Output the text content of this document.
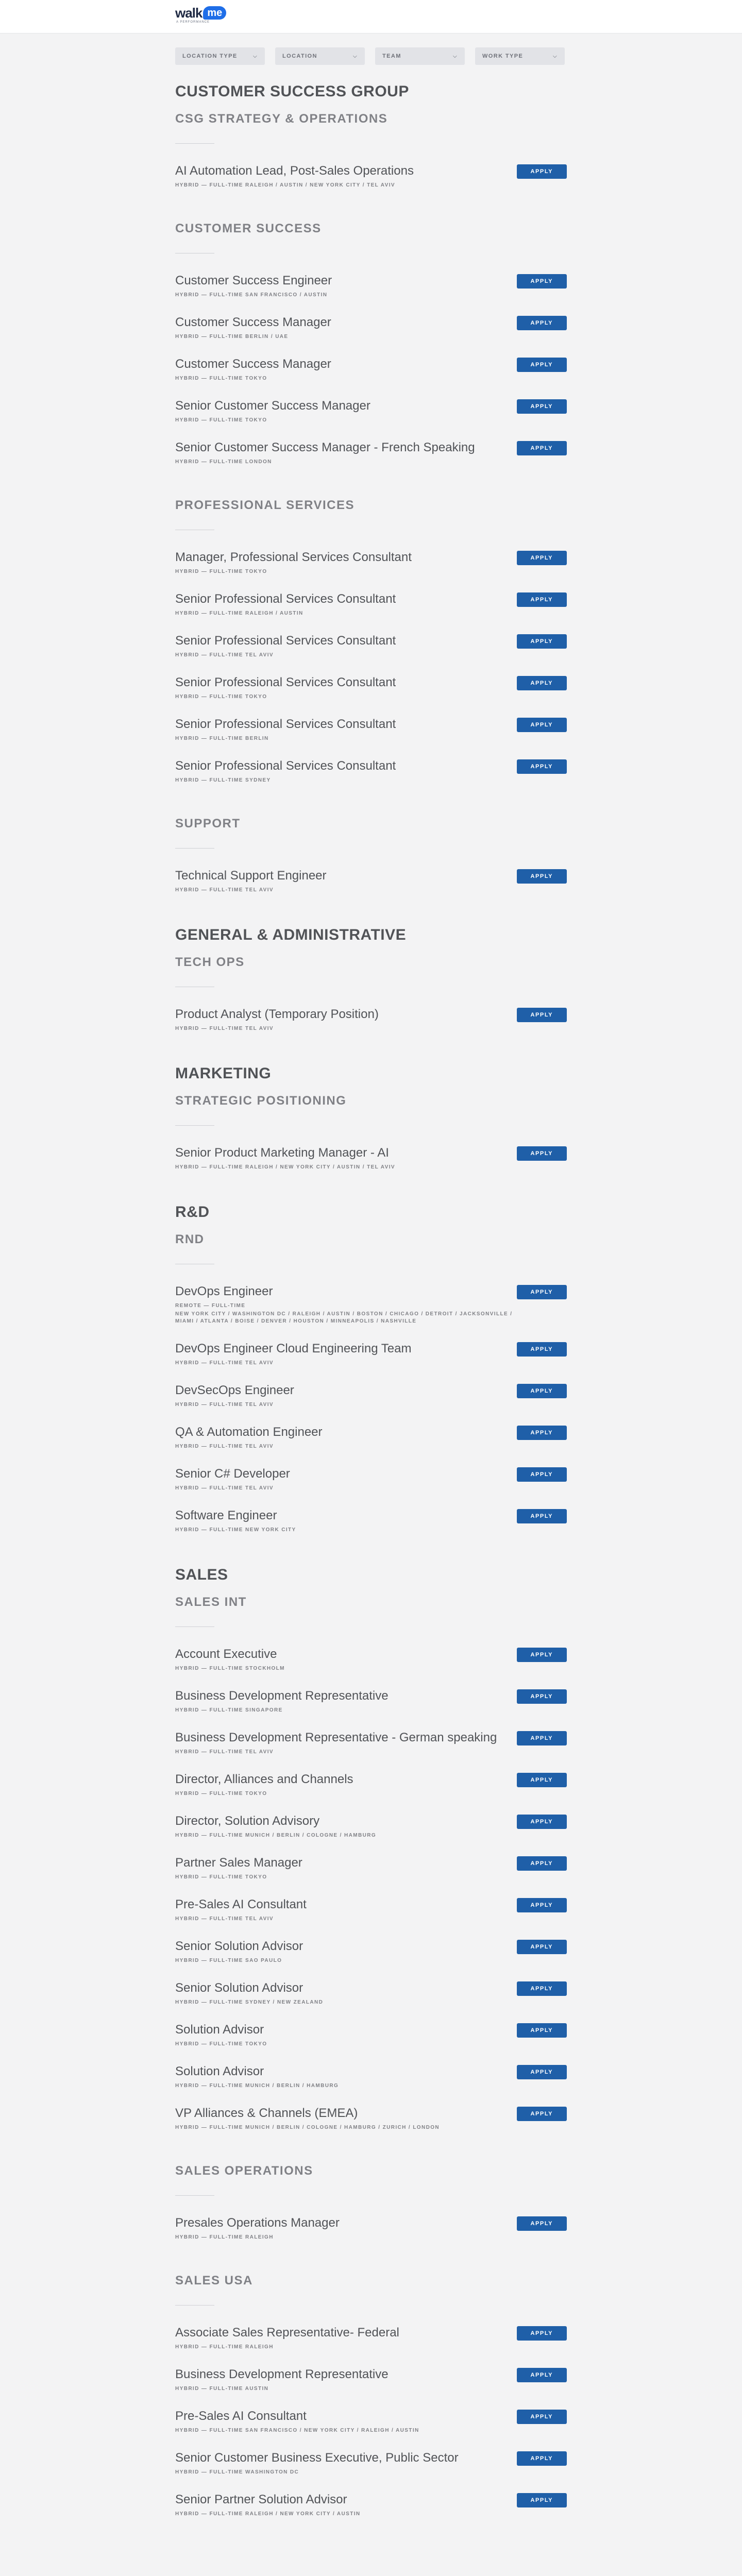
walk me
A PERFORMANCE
LOCATION TYPE	⌵	LOCATION	⌵	TEAM	⌵	WORK TYPE	⌵
CUSTOMER SUCCESS GROUP
CSG STRATEGY & OPERATIONS
AI Automation Lead, Post-Sales Operations
HYBRID — FULL-TIME RALEIGH / AUSTIN / NEW YORK CITY / TEL AVIV
APPLY
CUSTOMER SUCCESS
Customer Success Engineer
HYBRID — FULL-TIME SAN FRANCISCO / AUSTIN
APPLY
Customer Success Manager
HYBRID — FULL-TIME BERLIN / UAE
APPLY
Customer Success Manager
HYBRID — FULL-TIME TOKYO
APPLY
Senior Customer Success Manager
HYBRID — FULL-TIME TOKYO
APPLY
Senior Customer Success Manager - French Speaking
HYBRID — FULL-TIME LONDON
APPLY
PROFESSIONAL SERVICES
Manager, Professional Services Consultant
HYBRID — FULL-TIME TOKYO
APPLY
Senior Professional Services Consultant
HYBRID — FULL-TIME RALEIGH / AUSTIN
APPLY
Senior Professional Services Consultant
HYBRID — FULL-TIME TEL AVIV
APPLY
Senior Professional Services Consultant
HYBRID — FULL-TIME TOKYO
APPLY
Senior Professional Services Consultant
HYBRID — FULL-TIME BERLIN
APPLY
Senior Professional Services Consultant
HYBRID — FULL-TIME SYDNEY
APPLY
SUPPORT
Technical Support Engineer
HYBRID — FULL-TIME TEL AVIV
APPLY
GENERAL & ADMINISTRATIVE
TECH OPS
Product Analyst (Temporary Position)
HYBRID — FULL-TIME TEL AVIV
APPLY
MARKETING
STRATEGIC POSITIONING
Senior Product Marketing Manager - AI
HYBRID — FULL-TIME RALEIGH / NEW YORK CITY / AUSTIN / TEL AVIV
APPLY
R&D
RND
DevOps Engineer
REMOTE — FULL-TIME
NEW YORK CITY / WASHINGTON DC / RALEIGH / AUSTIN / BOSTON / CHICAGO / DETROIT / JACKSONVILLE / MIAMI / ATLANTA / BOISE / DENVER / HOUSTON / MINNEAPOLIS / NASHVILLE
APPLY
DevOps Engineer Cloud Engineering Team
HYBRID — FULL-TIME TEL AVIV
APPLY
DevSecOps Engineer
HYBRID — FULL-TIME TEL AVIV
APPLY
QA & Automation Engineer
HYBRID — FULL-TIME TEL AVIV
APPLY
Senior C# Developer
HYBRID — FULL-TIME TEL AVIV
APPLY
Software Engineer
HYBRID — FULL-TIME NEW YORK CITY
APPLY
SALES
SALES INT
Account Executive
HYBRID — FULL-TIME STOCKHOLM
APPLY
Business Development Representative
HYBRID — FULL-TIME SINGAPORE
APPLY
Business Development Representative - German speaking
HYBRID — FULL-TIME TEL AVIV
APPLY
Director, Alliances and Channels
HYBRID — FULL-TIME TOKYO
APPLY
Director, Solution Advisory
HYBRID — FULL-TIME MUNICH / BERLIN / COLOGNE / HAMBURG
APPLY
Partner Sales Manager
HYBRID — FULL-TIME TOKYO
APPLY
Pre-Sales AI Consultant
HYBRID — FULL-TIME TEL AVIV
APPLY
Senior Solution Advisor
HYBRID — FULL-TIME SAO PAULO
APPLY
Senior Solution Advisor
HYBRID — FULL-TIME SYDNEY / NEW ZEALAND
APPLY
Solution Advisor
HYBRID — FULL-TIME TOKYO
APPLY
Solution Advisor
HYBRID — FULL-TIME MUNICH / BERLIN / HAMBURG
APPLY
VP Alliances & Channels (EMEA)
HYBRID — FULL-TIME MUNICH / BERLIN / COLOGNE / HAMBURG / ZURICH / LONDON
APPLY
SALES OPERATIONS
Presales Operations Manager
HYBRID — FULL-TIME RALEIGH
APPLY
SALES USA
Associate Sales Representative- Federal
HYBRID — FULL-TIME RALEIGH
APPLY
Business Development Representative
HYBRID — FULL-TIME AUSTIN
APPLY
Pre-Sales AI Consultant
HYBRID — FULL-TIME SAN FRANCISCO / NEW YORK CITY / RALEIGH / AUSTIN
APPLY
Senior Customer Business Executive, Public Sector
HYBRID — FULL-TIME WASHINGTON DC
APPLY
Senior Partner Solution Advisor
HYBRID — FULL-TIME RALEIGH / NEW YORK CITY / AUSTIN
APPLY
